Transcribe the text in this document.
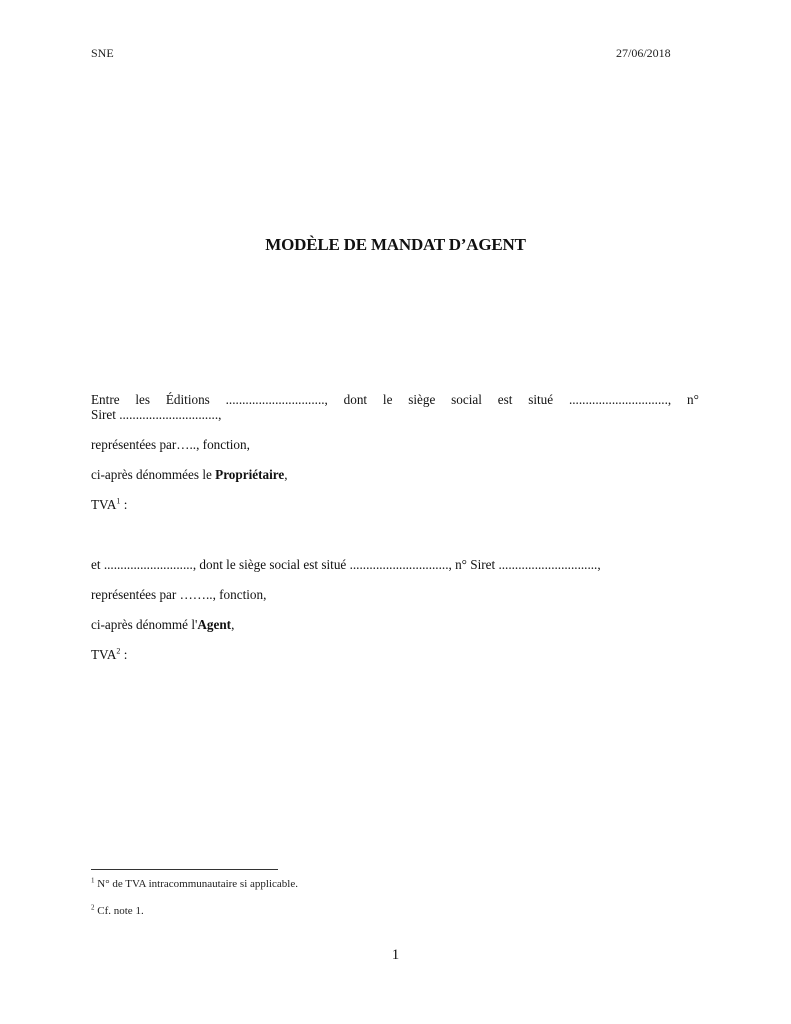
SNE	27/06/2018
MODÈLE DE MANDAT D’AGENT
Entre les Éditions .............................., dont le siège social est situé .............................., n°
Siret ..............................,
représentées par….., fonction,
ci-après dénommées le Propriétaire,
TVA$^1$ :
et ..........................., dont le siège social est situé .............................., n° Siret ..............................,
représentées par …….., fonction,
ci-après dénommé l'Agent,
TVA$^2$ :
$^1$ N° de TVA intracommunautaire si applicable.
$^2$ Cf. note 1.
1
